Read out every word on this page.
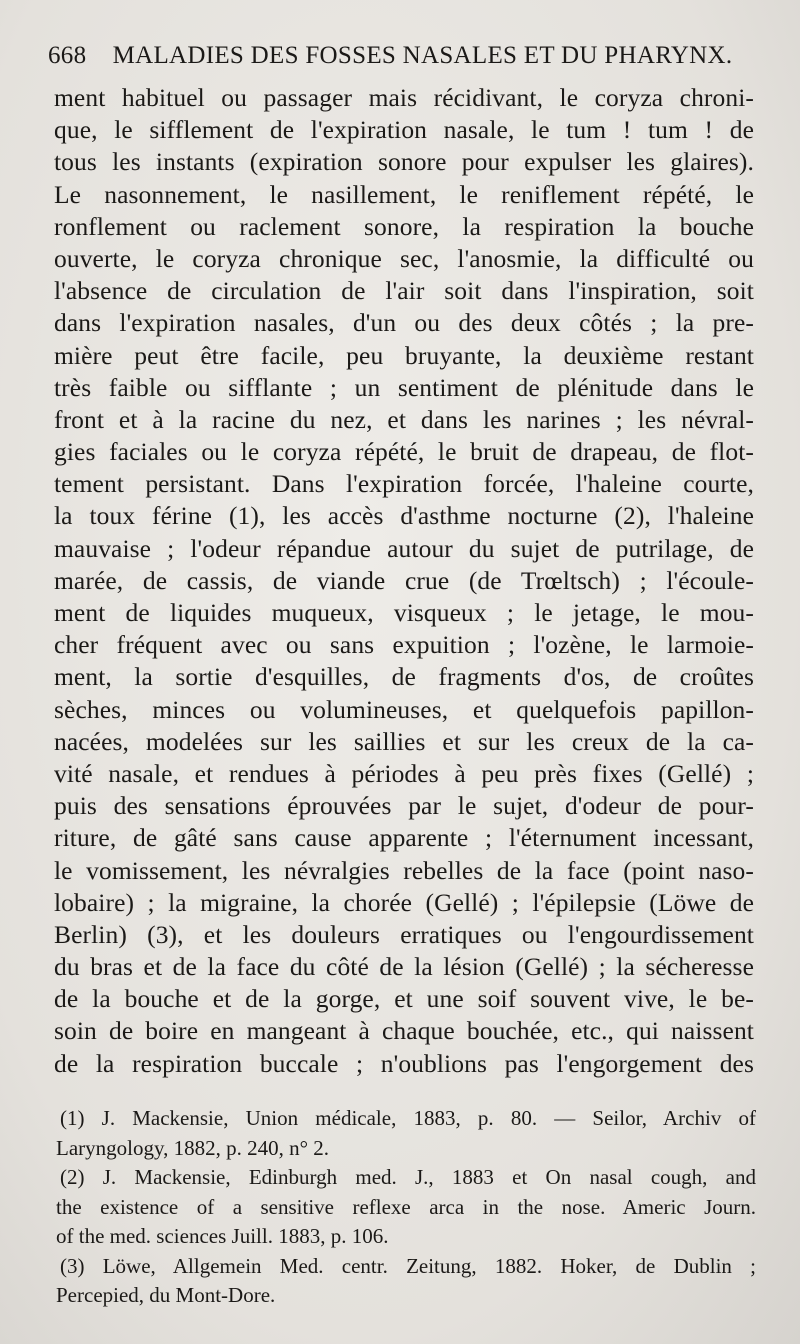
668 MALADIES DES FOSSES NASALES ET DU PHARYNX.
ment habituel ou passager mais récidivant, le coryza chroni-
que, le sifflement de l'expiration nasale, le tum ! tum ! de
tous les instants (expiration sonore pour expulser les glaires).
Le nasonnement, le nasillement, le reniflement répété, le
ronflement ou raclement sonore, la respiration la bouche
ouverte, le coryza chronique sec, l'anosmie, la difficulté ou
l'absence de circulation de l'air soit dans l'inspiration, soit
dans l'expiration nasales, d'un ou des deux côtés ; la pre-
mière peut être facile, peu bruyante, la deuxième restant
très faible ou sifflante ; un sentiment de plénitude dans le
front et à la racine du nez, et dans les narines ; les névral-
gies faciales ou le coryza répété, le bruit de drapeau, de flot-
tement persistant. Dans l'expiration forcée, l'haleine courte,
la toux férine (1), les accès d'asthme nocturne (2), l'haleine
mauvaise ; l'odeur répandue autour du sujet de putrilage, de
marée, de cassis, de viande crue (de Trœltsch) ; l'écoule-
ment de liquides muqueux, visqueux ; le jetage, le mou-
cher fréquent avec ou sans expuition ; l'ozène, le larmoie-
ment, la sortie d'esquilles, de fragments d'os, de croûtes
sèches, minces ou volumineuses, et quelquefois papillon-
nacées, modelées sur les saillies et sur les creux de la ca-
vité nasale, et rendues à périodes à peu près fixes (Gellé) ;
puis des sensations éprouvées par le sujet, d'odeur de pour-
riture, de gâté sans cause apparente ; l'éternument incessant,
le vomissement, les névralgies rebelles de la face (point naso-
lobaire) ; la migraine, la chorée (Gellé) ; l'épilepsie (Löwe de
Berlin) (3), et les douleurs erratiques ou l'engourdissement
du bras et de la face du côté de la lésion (Gellé) ; la sécheresse
de la bouche et de la gorge, et une soif souvent vive, le be-
soin de boire en mangeant à chaque bouchée, etc., qui naissent
de la respiration buccale ; n'oublions pas l'engorgement des
(1) J. Mackensie, Union médicale, 1883, p. 80. — Seilor, Archiv of
Laryngology, 1882, p. 240, n° 2.
(2) J. Mackensie, Edinburgh med. J., 1883 et On nasal cough, and
the existence of a sensitive reflexe arca in the nose. Americ Journ.
of the med. sciences Juill. 1883, p. 106.
(3) Löwe, Allgemein Med. centr. Zeitung, 1882. Hoker, de Dublin ;
Percepied, du Mont-Dore.
